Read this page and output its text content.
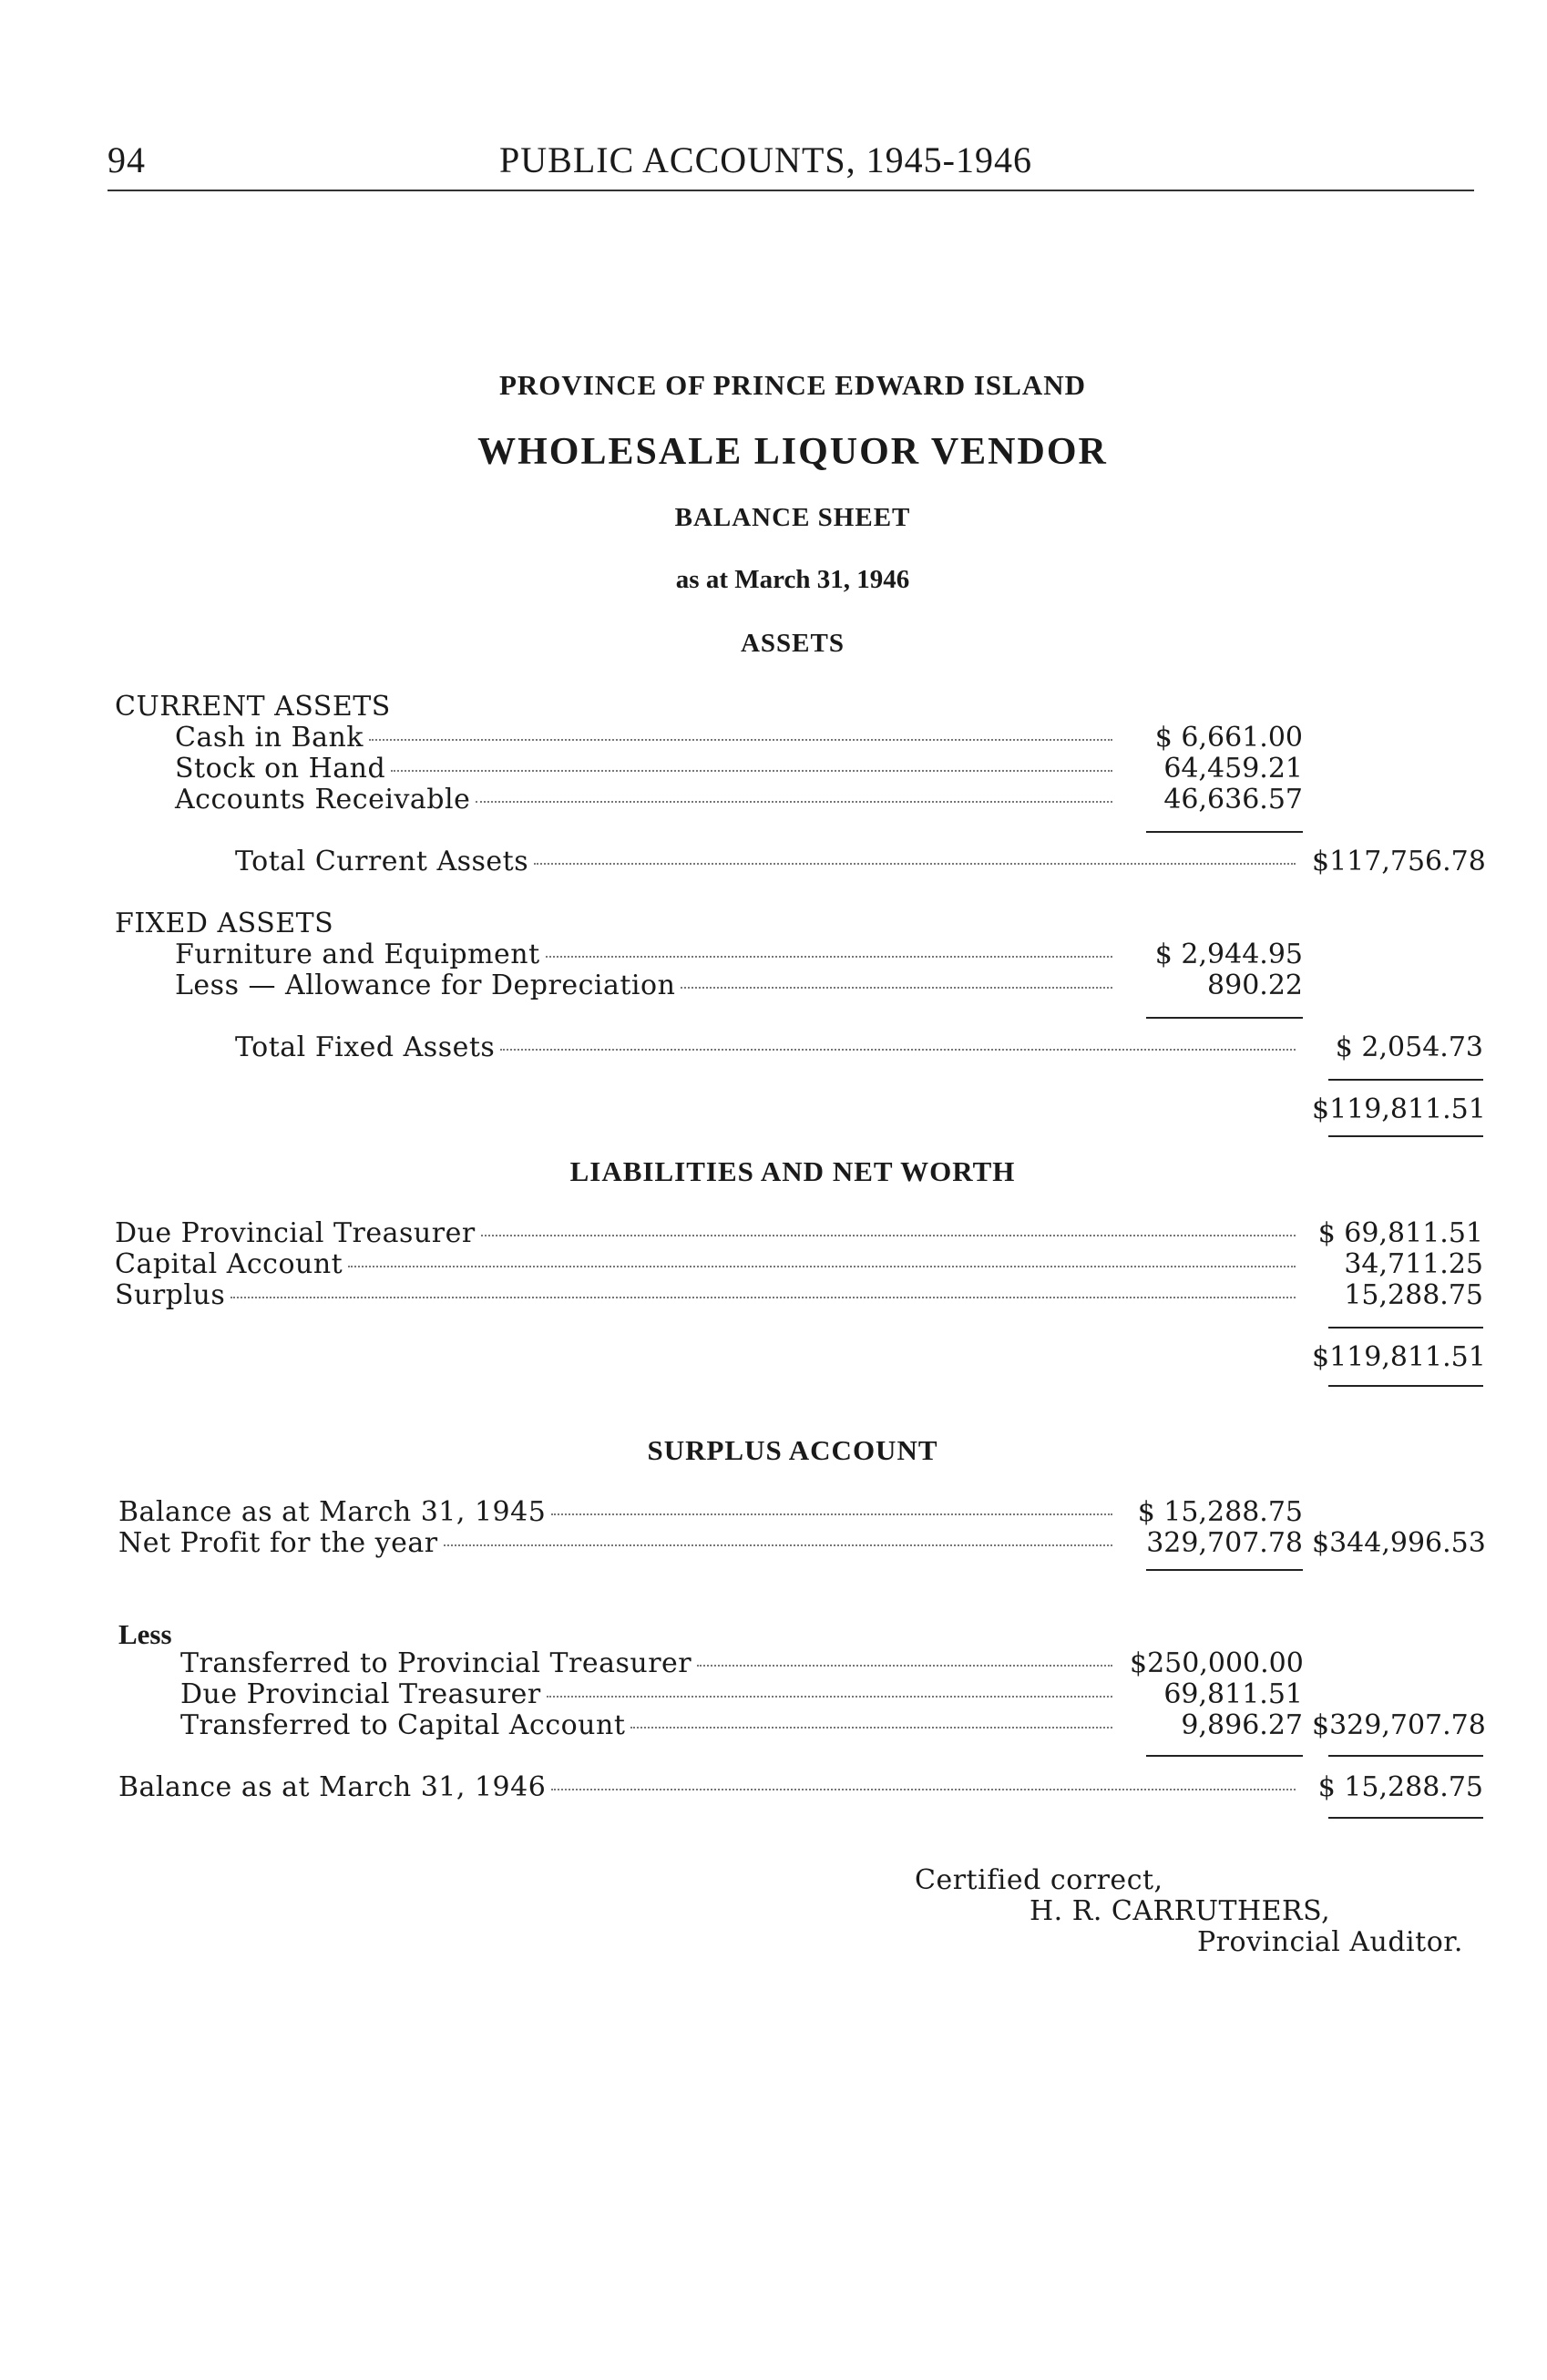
94	PUBLIC ACCOUNTS, 1945-1946
PROVINCE OF PRINCE EDWARD ISLAND
WHOLESALE LIQUOR VENDOR
BALANCE SHEET
as at March 31, 1946
ASSETS
CURRENT ASSETS
Cash in Bank	$ 6,661.00
Stock on Hand	64,459.21
Accounts Receivable	46,636.57
Total Current Assets	$117,756.78
FIXED ASSETS
Furniture and Equipment	$ 2,944.95
Less — Allowance for Depreciation	890.22
Total Fixed Assets	$ 2,054.73
$119,811.51
LIABILITIES AND NET WORTH
Due Provincial Treasurer	$ 69,811.51
Capital Account	34,711.25
Surplus	15,288.75
$119,811.51
SURPLUS ACCOUNT
Balance as at March 31, 1945	$ 15,288.75
Net Profit for the year	329,707.78 $344,996.53
Less
Transferred to Provincial Treasurer	$250,000.00
Due Provincial Treasurer	69,811.51
Transferred to Capital Account	9,896.27 $329,707.78
Balance as at March 31, 1946	$ 15,288.75
Certified correct,
H. R. CARRUTHERS,
Provincial Auditor.
